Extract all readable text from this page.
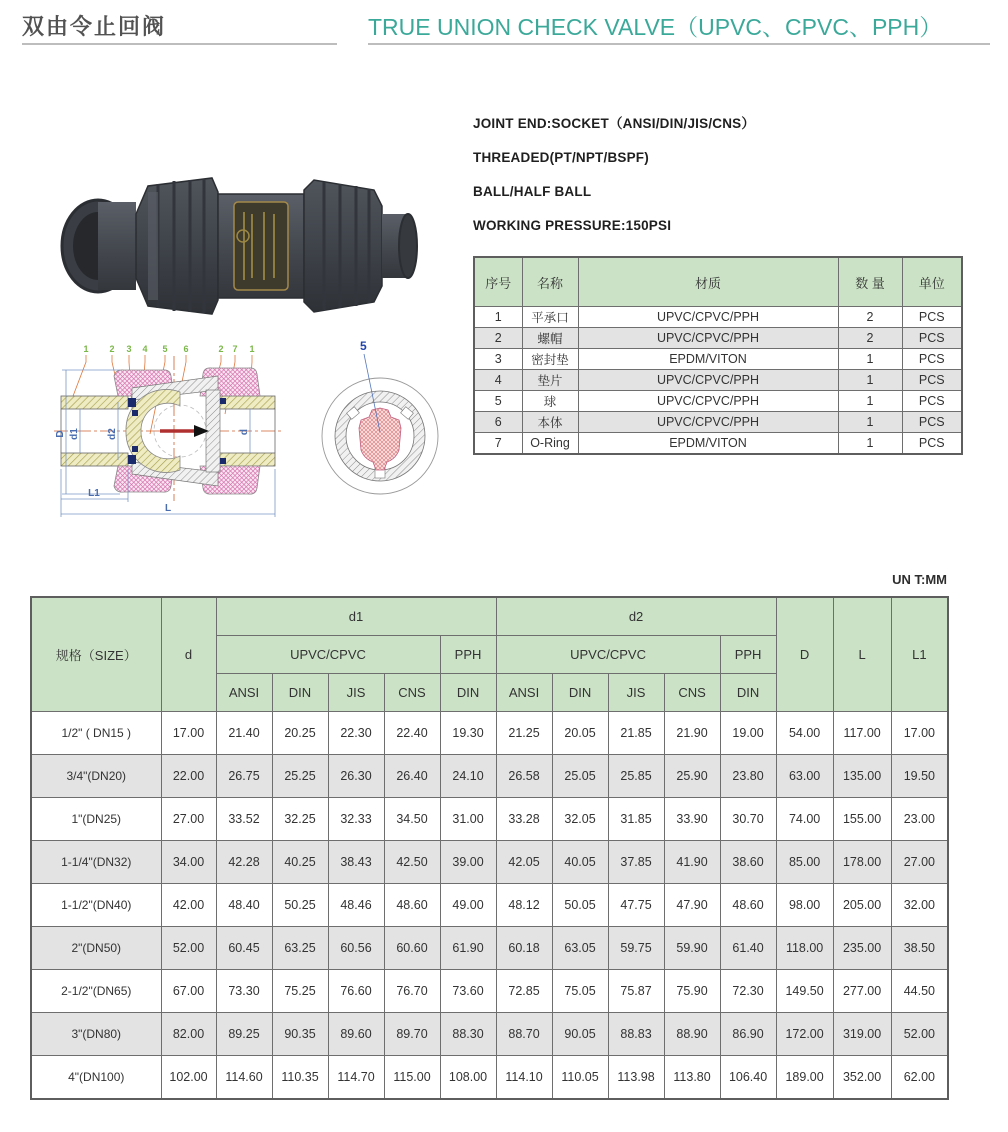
双由令止回阀	TRUE UNION CHECK VALVE（UPVC、CPVC、PPH）
JOINT END:SOCKET（ANSI/DIN/JIS/CNS）
THREADED(PT/NPT/BSPF)
BALL/HALF BALL
WORKING PRESSURE:150PSI
序号	名称	材质	数 量	单位
1	平承口	UPVC/CPVC/PPH	2	PCS
2	螺帽	UPVC/CPVC/PPH	2	PCS
3	密封垫	EPDM/VITON	1	PCS
4	垫片	UPVC/CPVC/PPH	1	PCS
5	球	UPVC/CPVC/PPH	1	PCS
6	本体	UPVC/CPVC/PPH	1	PCS
7	O-Ring	EPDM/VITON	1	PCS
1 2 3 4 5 6	2 7 1
D d1	d2	d
L1
L
5
UN T:MM
规格（SIZE）	d	d1					d2					D	L	L1
		UPVC/CPVC				PPH	UPVC/CPVC				PPH			
		ANSI	DIN	JIS	CNS	DIN	ANSI	DIN	JIS	CNS	DIN			
1/2" ( DN15 )	17.00	21.40	20.25	22.30	22.40	19.30	21.25	20.05	21.85	21.90	19.00	54.00	117.00	17.00
3/4"(DN20)	22.00	26.75	25.25	26.30	26.40	24.10	26.58	25.05	25.85	25.90	23.80	63.00	135.00	19.50
1"(DN25)	27.00	33.52	32.25	32.33	34.50	31.00	33.28	32.05	31.85	33.90	30.70	74.00	155.00	23.00
1-1/4"(DN32)	34.00	42.28	40.25	38.43	42.50	39.00	42.05	40.05	37.85	41.90	38.60	85.00	178.00	27.00
1-1/2"(DN40)	42.00	48.40	50.25	48.46	48.60	49.00	48.12	50.05	47.75	47.90	48.60	98.00	205.00	32.00
2"(DN50)	52.00	60.45	63.25	60.56	60.60	61.90	60.18	63.05	59.75	59.90	61.40	118.00	235.00	38.50
2-1/2"(DN65)	67.00	73.30	75.25	76.60	76.70	73.60	72.85	75.05	75.87	75.90	72.30	149.50	277.00	44.50
3"(DN80)	82.00	89.25	90.35	89.60	89.70	88.30	88.70	90.05	88.83	88.90	86.90	172.00	319.00	52.00
4"(DN100)	102.00	114.60	110.35	114.70	115.00	108.00	114.10	110.05	113.98	113.80	106.40	189.00	352.00	62.00
